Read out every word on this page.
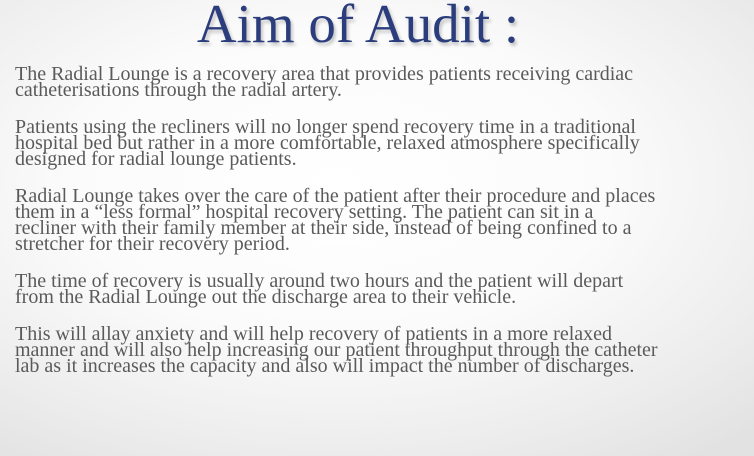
Aim of Audit :

The Radial Lounge is a recovery area that provides patients receiving cardiac
catheterisations through the radial artery.

Patients using the recliners will no longer spend recovery time in a traditional
hospital bed but rather in a more comfortable, relaxed atmosphere specifically
designed for radial lounge patients.

Radial Lounge takes over the care of the patient after their procedure and places
them in a “less formal” hospital recovery setting. The patient can sit in a
recliner with their family member at their side, instead of being confined to a
stretcher for their recovery period.

The time of recovery is usually around two hours and the patient will depart
from the Radial Lounge out the discharge area to their vehicle.

This will allay anxiety and will help recovery of patients in a more relaxed
manner and will also help increasing our patient throughput through the catheter
lab as it increases the capacity and also will impact the number of discharges.
